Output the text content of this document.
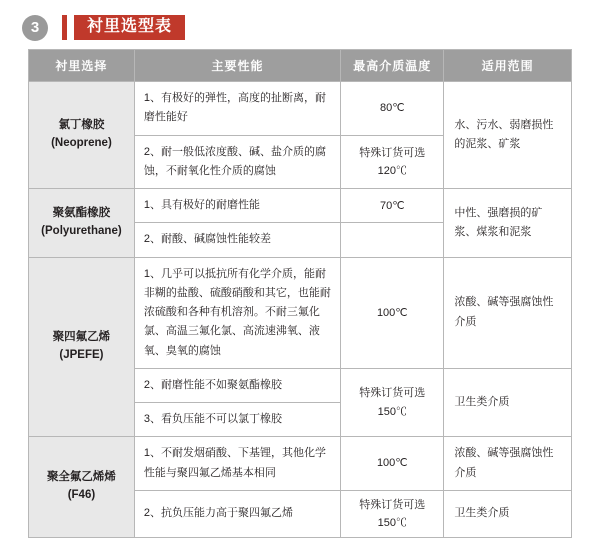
3	衬里选型表
衬里选择	主要性能	最高介质温度	适用范围
氯丁橡胶
(Neoprene)	1、有极好的弹性，高度的扯断离，耐磨性能好	80℃	水、污水、弱磨损性的泥浆、矿浆
	2、耐一般低浓度酸、碱、盐介质的腐蚀，不耐氧化性介质的腐蚀	特殊订货可选120℃	
聚氨酯橡胶
(Polyurethane)	1、具有极好的耐磨性能	70℃	中性、强磨损的矿浆、煤浆和泥浆
	2、耐酸、碱腐蚀性能较差		
聚四氟乙烯
(JPEFE)	1、几乎可以抵抗所有化学介质，能耐非糊的盐酸、硫酸硝酸和其它，也能耐浓硫酸和各种有机溶剂。不耐三氟化氯、高温三氟化氯、高流速沸氧、液氧、臭氧的腐蚀	100℃	浓酸、碱等强腐蚀性介质
	2、耐磨性能不如聚氨酯橡胶	特殊订货可选150℃	卫生类介质
	3、看负压能不可以氯丁橡胶		
聚全氟乙烯烯
(F46)	1、不耐发烟硝酸、下基锂，其他化学性能与聚四氟乙烯基本相同	100℃	浓酸、碱等强腐蚀性介质
	2、抗负压能力高于聚四氟乙烯	特殊订货可选150℃	卫生类介质
